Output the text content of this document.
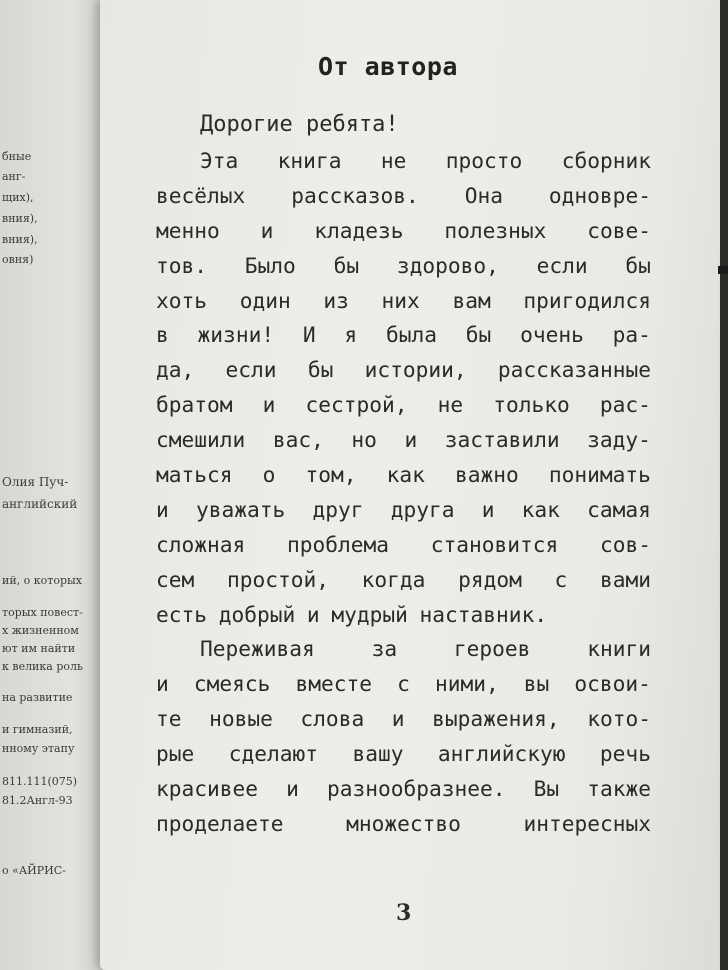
бные
анг-
щих),
вния),
вния),
овня)
Олия Пуч-
английский
ий, о которых
торых повест-
х жизненном
ют им найти
к велика роль
на развитие
и гимназий,
нному этапу
811.111(075)
81.2Англ-93
о «АЙРИС-
От автора
Дорогие ребята!
Эта книга не просто сборник
весёлых рассказов. Она одновре-
менно и кладезь полезных сове-
тов. Было бы здорово, если бы
хоть один из них вам пригодился
в жизни! И я была бы очень ра-
да, если бы истории, рассказанные
братом и сестрой, не только рас-
смешили вас, но и заставили заду-
маться о том, как важно понимать
и уважать друг друга и как самая
сложная проблема становится сов-
сем простой, когда рядом с вами
есть добрый и мудрый наставник.
Переживая	за	героев	книги
и смеясь вместе с ними, вы освои-
те новые слова и выражения, кото-
рые сделают вашу английскую речь
красивее и разнообразнее. Вы также
проделаете	множество	интересных
3
